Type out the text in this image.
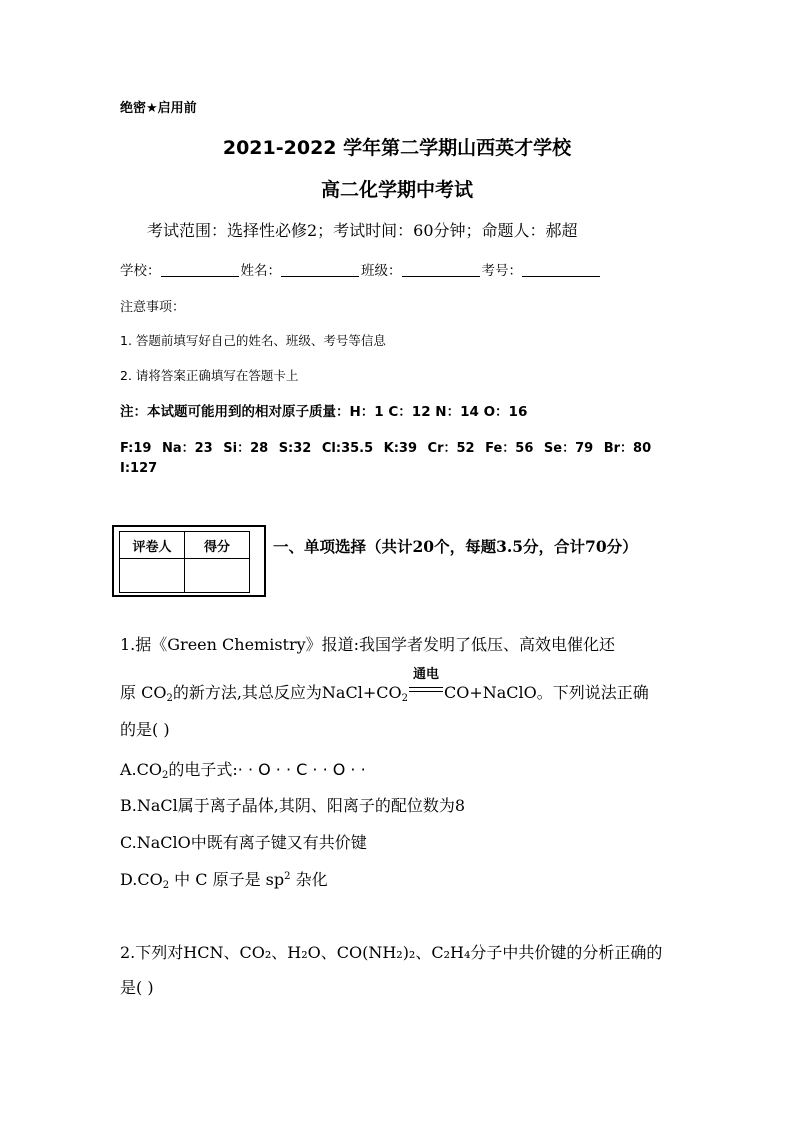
绝密★启用前
2021-2022 学年第二学期山西英才学校
高二化学期中考试
考试范围：选择性必修2；考试时间：60分钟；命题人：郝超
学校：	姓名：	班级：	考号：
注意事项：
1. 答题前填写好自己的姓名、班级、考号等信息
2. 请将答案正确填写在答题卡上
注：本试题可能用到的相对原子质量：H：1 C：12 N：14 O：16
F:19 Na：23 Si：28 S:32 Cl:35.5 K:39 Cr：52 Fe：56 Se：79 Br：80
I:127
评卷人	得分
		一、单项选择（共计20个，每题3.5分，合计70分）
1.据《Green Chemistry》报道:我国学者发明了低压、高效电催化还
原 $CO_2$的新方法,其总反应为$NaCl+CO_2$
通电
CO+NaClO。下列说法正确
的是( )
$A.CO_2$的电子式:· · O · · C · · O · ·
B.NaCl属于离子晶体,其阴、阳离子的配位数为8
C.NaClO中既有离子键又有共价键
$D.CO_2$ 中 C 原子是 $sp^2$ 杂化
2.下列对HCN、CO₂、H₂O、CO(NH₂)₂、C₂H₄分子中共价键的分析正确的
是( )
